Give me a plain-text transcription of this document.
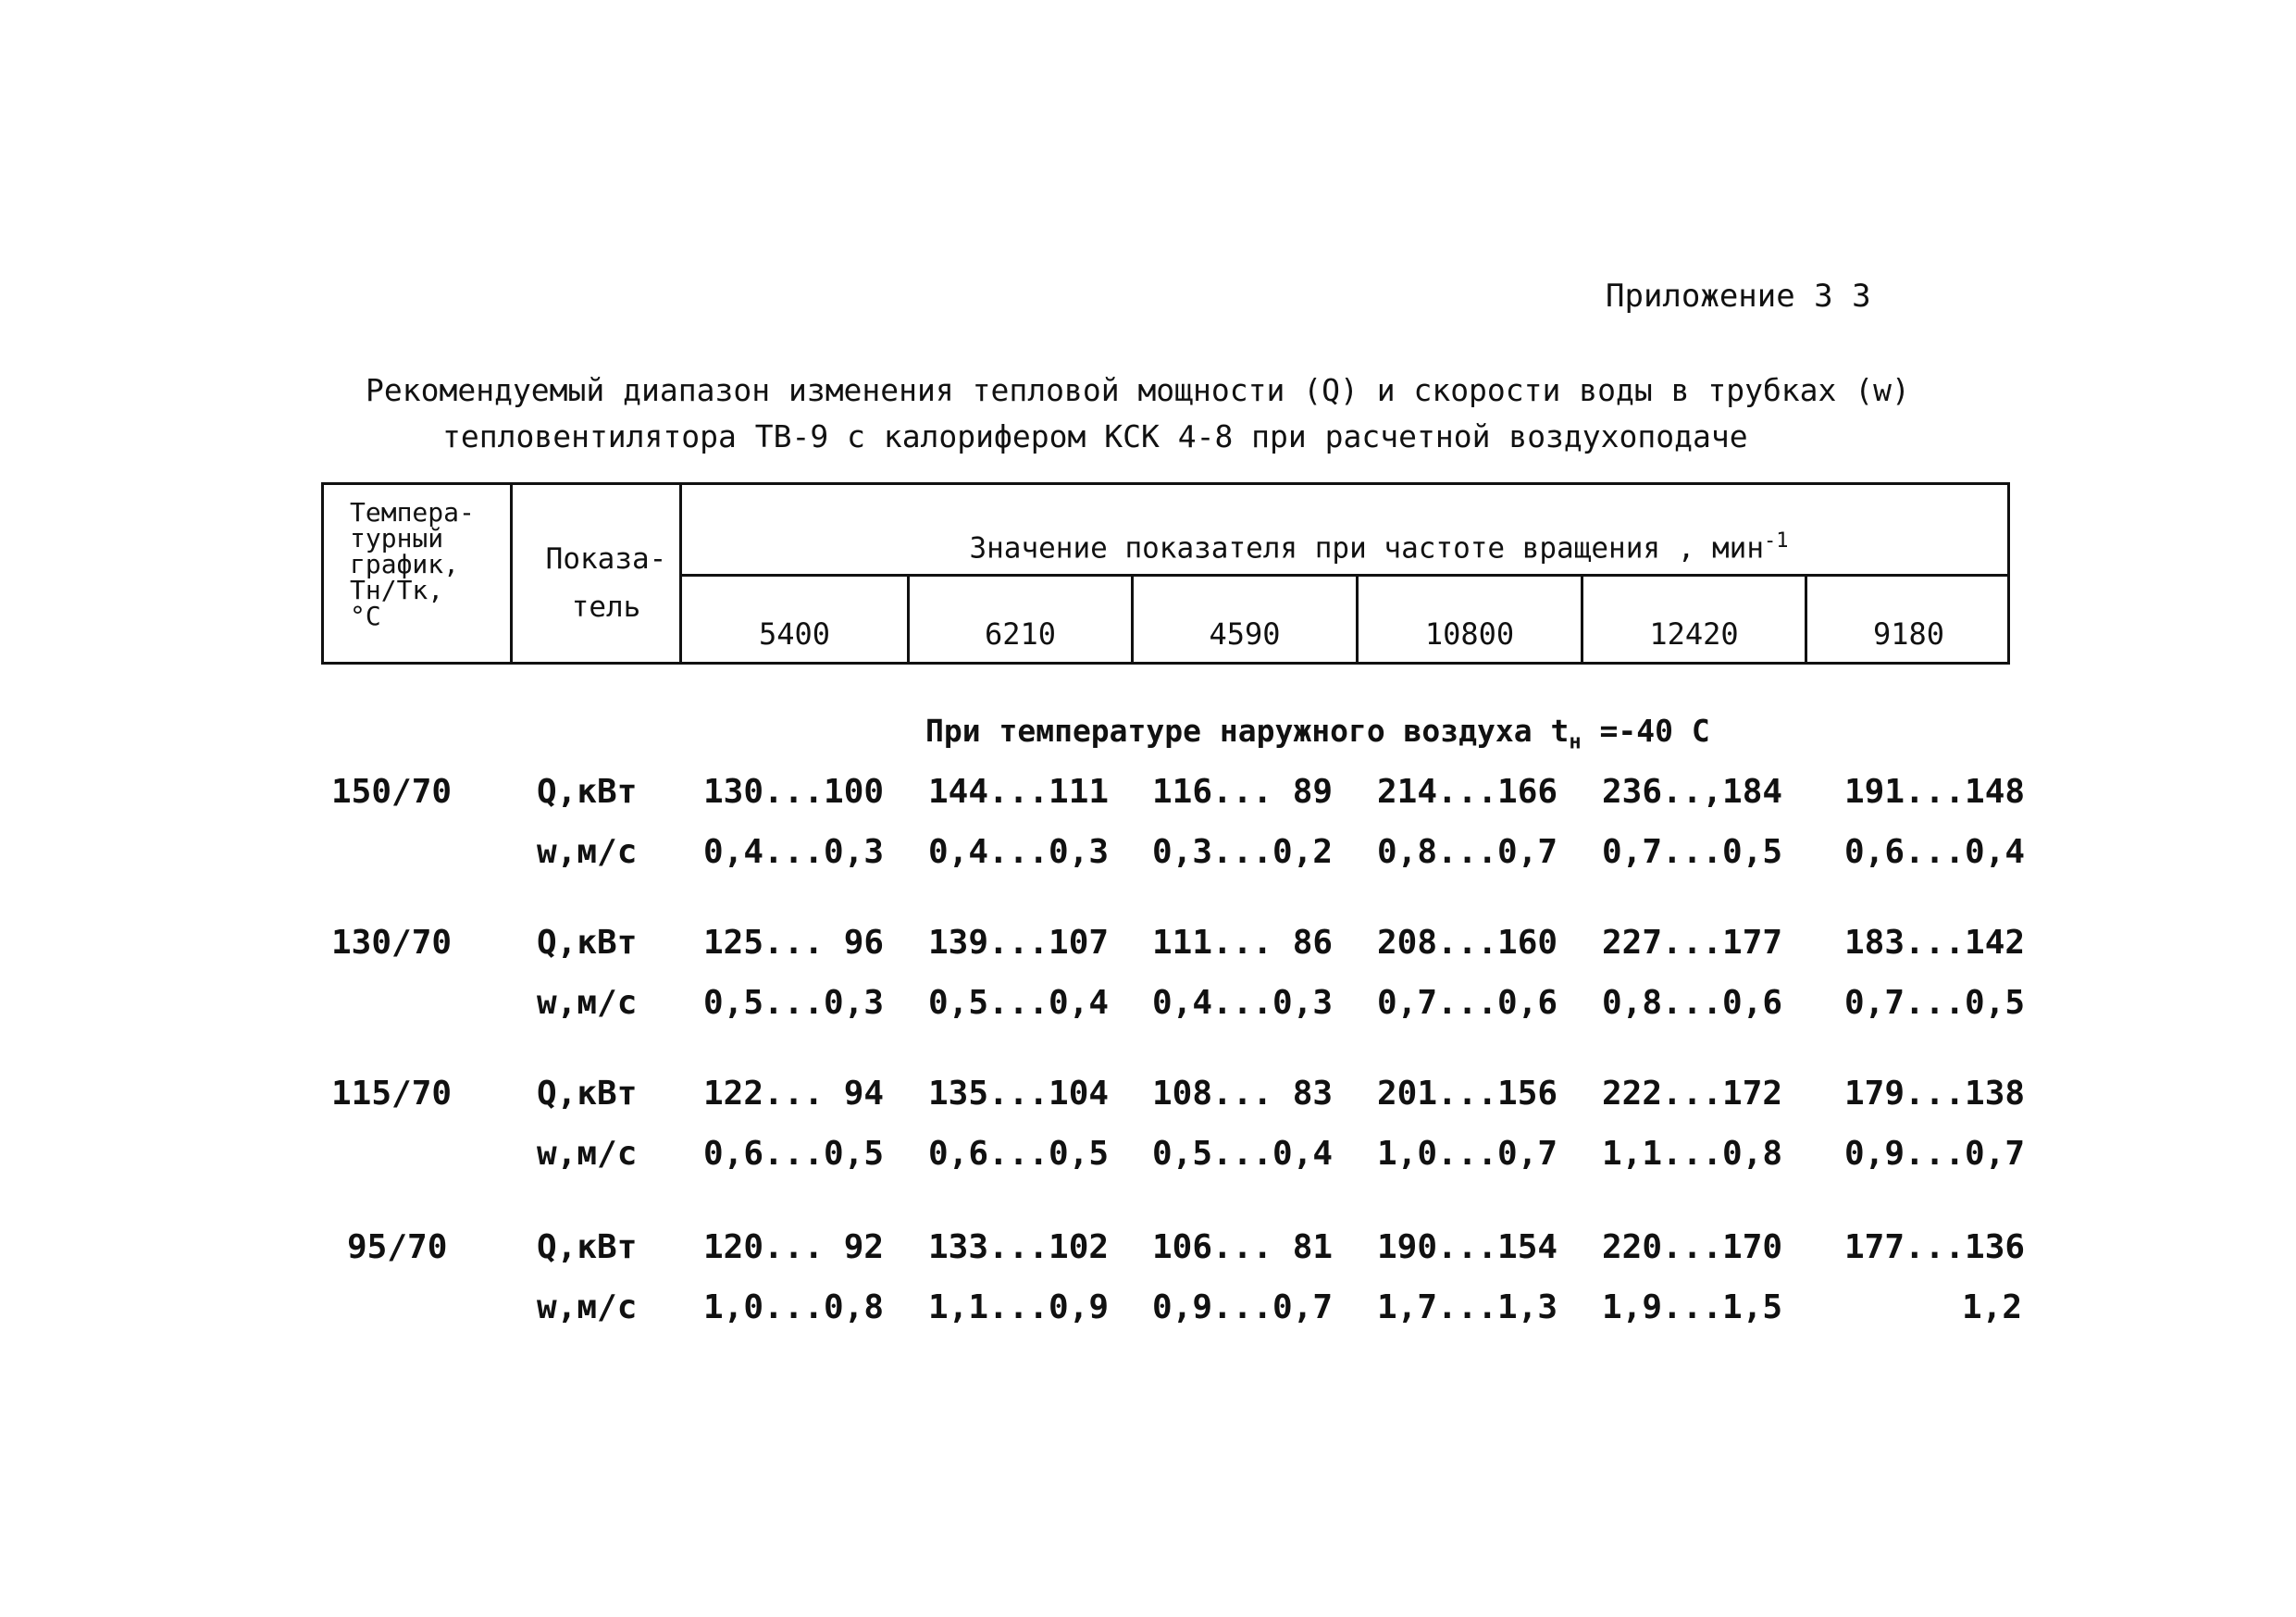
Приложение 3 3
Рекомендуемый диапазон изменения тепловой мощности (Q) и скорости воды в трубках (w)
тепловентилятора ТВ-9 с калорифером КСК 4-8 при расчетной воздухоподаче
Темпера-
турный
график,
Тн/Тк,
°С
Показа-
тель
Значение показателя при частоте вращения , мин$^{-1}$
5400	6210	4590	10800	12420	9180
При температуре наружного воздуха $t_н =-40$ С
150/70	Q,кВт 130...100 144...111 116... 89 214...166 236..,184 191...148
w,м/с 0,4...0,3 0,4...0,3 0,3...0,2 0,8...0,7 0,7...0,5 0,6...0,4
130/70	Q,кВт 125... 96 139...107 111... 86 208...160 227...177 183...142
w,м/с 0,5...0,3 0,5...0,4 0,4...0,3 0,7...0,6 0,8...0,6 0,7...0,5
115/70	Q,кВт 122... 94 135...104 108... 83 201...156 222...172 179...138
w,м/с 0,6...0,5 0,6...0,5 0,5...0,4 1,0...0,7 1,1...0,8 0,9...0,7
95/70	Q,кВт 120... 92 133...102 106... 81 190...154 220...170 177...136
w,м/с 1,0...0,8 1,1...0,9 0,9...0,7 1,7...1,3 1,9...1,5	1,2
